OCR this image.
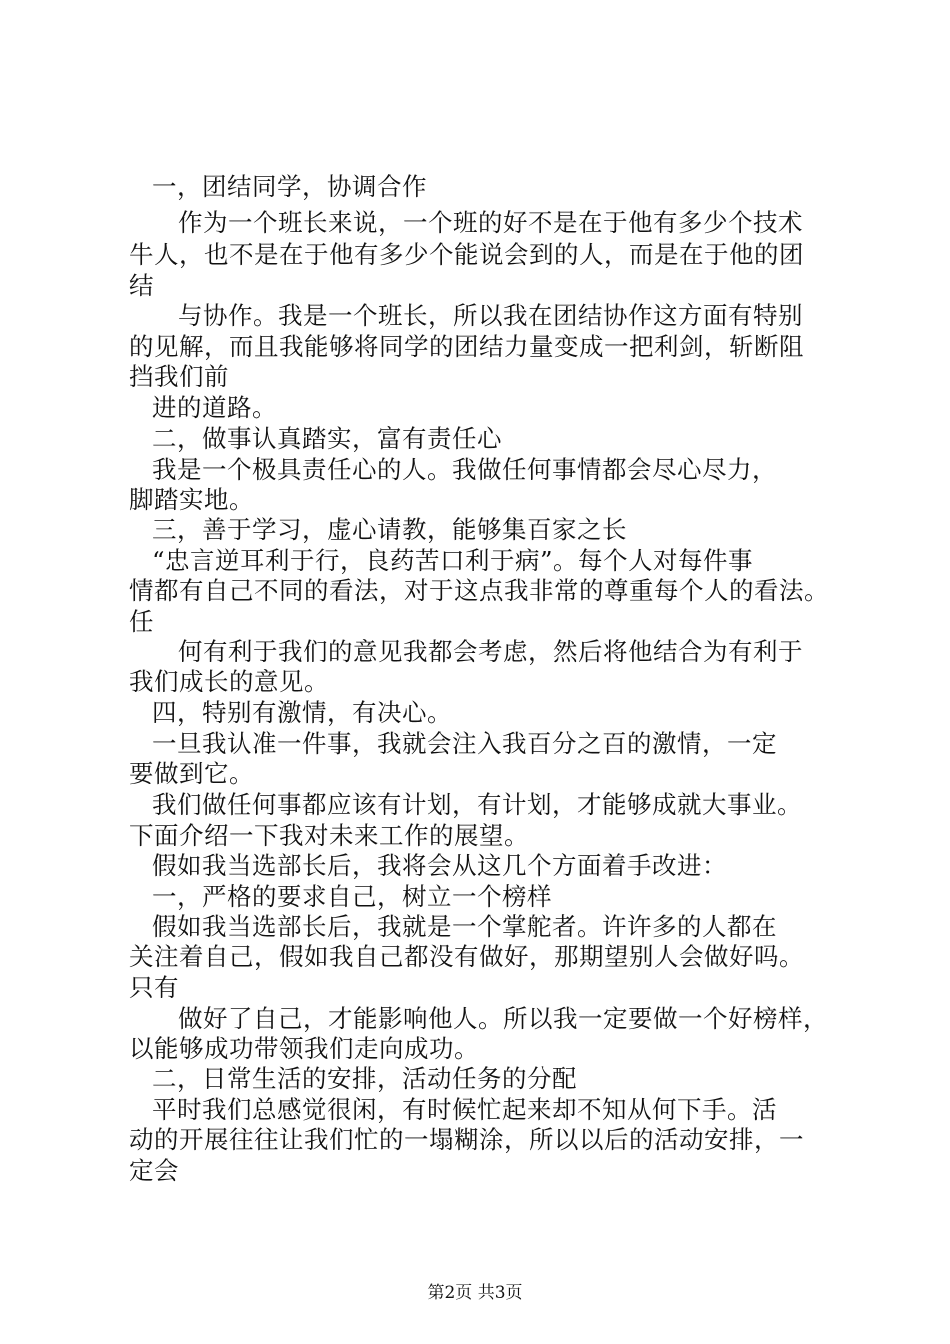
一，团结同学，协调合作
作为一个班长来说，一个班的好不是在于他有多少个技术
牛人，也不是在于他有多少个能说会到的人，而是在于他的团
结
与协作。我是一个班长，所以我在团结协作这方面有特别
的见解，而且我能够将同学的团结力量变成一把利剑，斩断阻
挡我们前
进的道路。
二，做事认真踏实，富有责任心
我是一个极具责任心的人。我做任何事情都会尽心尽力，
脚踏实地。
三，善于学习，虚心请教，能够集百家之长
“忠言逆耳利于行，良药苦口利于病”。每个人对每件事
情都有自己不同的看法，对于这点我非常的尊重每个人的看法。
任
何有利于我们的意见我都会考虑，然后将他结合为有利于
我们成长的意见。
四，特别有激情，有决心。
一旦我认准一件事，我就会注入我百分之百的激情，一定
要做到它。
我们做任何事都应该有计划，有计划，才能够成就大事业。
下面介绍一下我对未来工作的展望。
假如我当选部长后，我将会从这几个方面着手改进：
一，严格的要求自己，树立一个榜样
假如我当选部长后，我就是一个掌舵者。许许多的人都在
关注着自己，假如我自己都没有做好，那期望别人会做好吗。
只有
做好了自己，才能影响他人。所以我一定要做一个好榜样，
以能够成功带领我们走向成功。
二，日常生活的安排，活动任务的分配
平时我们总感觉很闲，有时候忙起来却不知从何下手。活
动的开展往往让我们忙的一塌糊涂，所以以后的活动安排，一
定会
第2页 共3页
